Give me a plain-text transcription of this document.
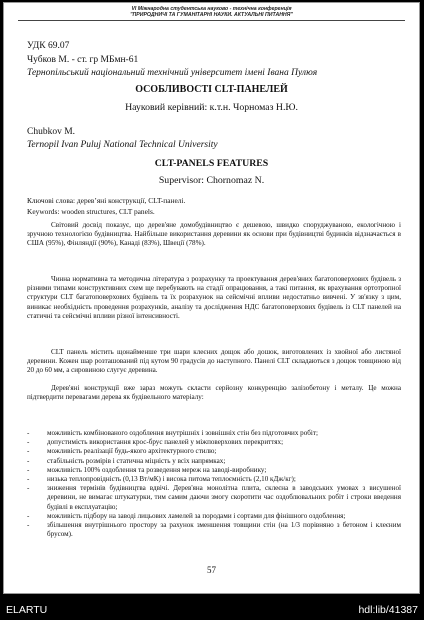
VI Міжнародна студентська науково - технічна конференція
"ПРИРОДНИЧІ ТА ГУМАНІТАРНІ НАУКИ. АКТУАЛЬНІ ПИТАННЯ"
УДК 69.07
Чубков М. - ст. гр МБмн-61
Тернопільський національний технічний університет імені Івана Пулюя
ОСОБЛИВОСТІ CLT-ПАНЕЛЕЙ
Науковий керівний: к.т.н. Чорномаз Н.Ю.
Chubkov M.
Ternopil Ivan Puluj National Technical University
CLT-PANELS FEATURES
Supervisor: Chornomaz N.
Ключові слова: дерев’яні конструкції, CLT-панелі.
Keywords: wooden structures, CLT panels.
Світовий досвід показує, що дерев'яне домобудівництво є дешевою, швидко споруджуваною, екологічною і зручною технологією будівництва. Найбільше використання деревини як основи при будівництві будинків відзначається в США (95%), Фінляндії (90%), Канаді (83%), Швеції (78%).
Чинна нормативна та методична література з розрахунку та проектування дерев'яних багатоповерхових будівель з різними типами конструктивних схем ще перебувають на стадії опрацювання, а такі питання, як врахування ортотропної структури CLT багатоповерхових будівель та їх розрахунок на сейсмічні впливи недостатньо вивчені. У зв'язку з цим, виникає необхідність проведення розрахунків, аналізу та дослідження НДС багатоповерхових будівель із CLT панелей на статичні та сейсмічні впливи різної інтенсивності.
CLT панель містить щонайменше три шари клеєних дощок або дошок, виготовлених із хвойної або листяної деревини. Кожен шар розташований під кутом 90 градусів до наступного. Панелі CLT складаються з дощок товщиною від 20 до 60 мм, а сировиною слугує деревина.
Дерев'яні конструкції вже зараз можуть скласти серйозну конкуренцію залізобетону і металу. Це можна підтвердити перевагами дерева як будівельного матеріалу:
- можливість комбінованого оздоблення внутрішніх і зовнішніх стін без підготовчих робіт;
- допустимість використання крос-брус панелей у міжповерхових перекриттях;
- можливість реалізації будь-якого архітектурного стилю;
- стабільність розмірів і статична міцність у всіх напрямках;
- можливість 100% оздоблення та розведення мереж на заводі-виробнику;
- низька теплопровідність (0,13 Вт/мК) і висока питома теплоємність (2,10 кДж/кг);
- зниження термінів будівництва вдвічі. Дерев'яна монолітна плита, склеєна в заводських умовах з висушеної деревини, не вимагає штукатурки, тим самим даючи змогу скоротити час оздоблювальних робіт і строки введення будівлі в експлуатацію;
- можливість підбору на заводі лицьових ламелей за породами і сортами для фінішного оздоблення;
- збільшення внутрішнього простору за рахунок зменшення товщини стін (на 1/3 порівняно з бетоном і клеєним брусом).
57
ELARTU	hdl:lib/41387
